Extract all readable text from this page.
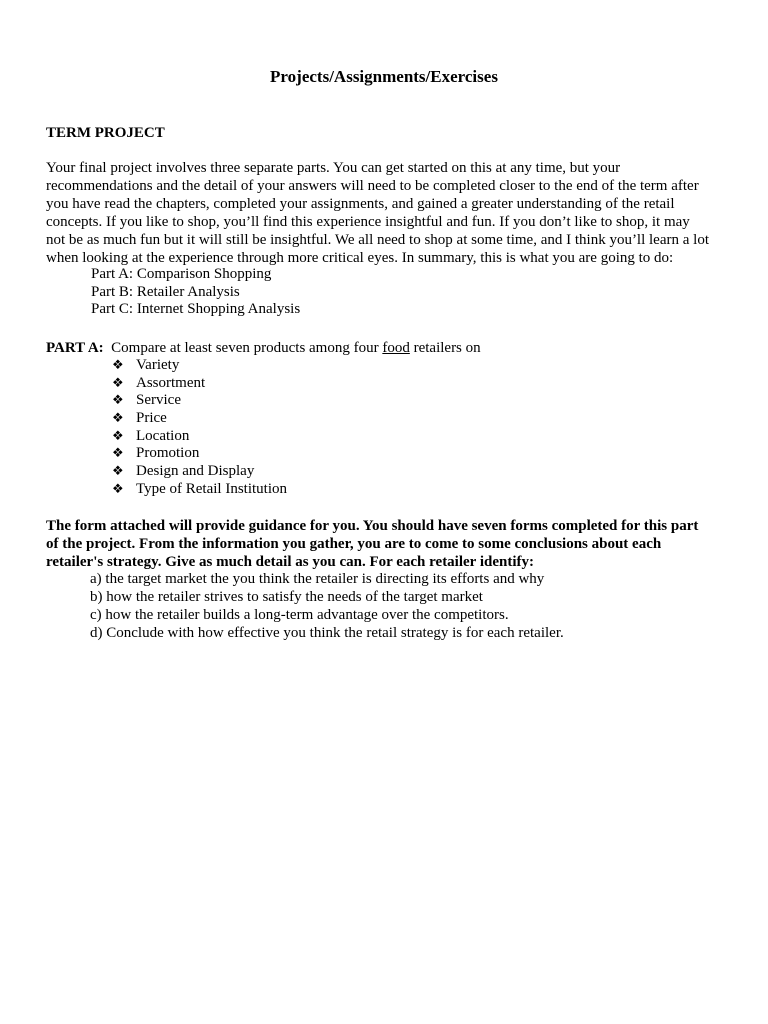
Projects/Assignments/Exercises
TERM PROJECT
Your final project involves three separate parts. You can get started on this at any time, but your
recommendations and the detail of your answers will need to be completed closer to the end of the term after
you have read the chapters, completed your assignments, and gained a greater understanding of the retail
concepts. If you like to shop, you’ll find this experience insightful and fun. If you don’t like to shop, it may
not be as much fun but it will still be insightful. We all need to shop at some time, and I think you’ll learn a lot
when looking at the experience through more critical eyes. In summary, this is what you are going to do:
Part A: Comparison Shopping
Part B: Retailer Analysis
Part C: Internet Shopping Analysis
PART A: Compare at least seven products among four food retailers on
❖ Variety
❖ Assortment
❖ Service
❖ Price
❖ Location
❖ Promotion
❖ Design and Display
❖ Type of Retail Institution
The form attached will provide guidance for you. You should have seven forms completed for this part
of the project. From the information you gather, you are to come to some conclusions about each
retailer's strategy. Give as much detail as you can. For each retailer identify:
a) the target market the you think the retailer is directing its efforts and why
b) how the retailer strives to satisfy the needs of the target market
c) how the retailer builds a long-term advantage over the competitors.
d) Conclude with how effective you think the retail strategy is for each retailer.
